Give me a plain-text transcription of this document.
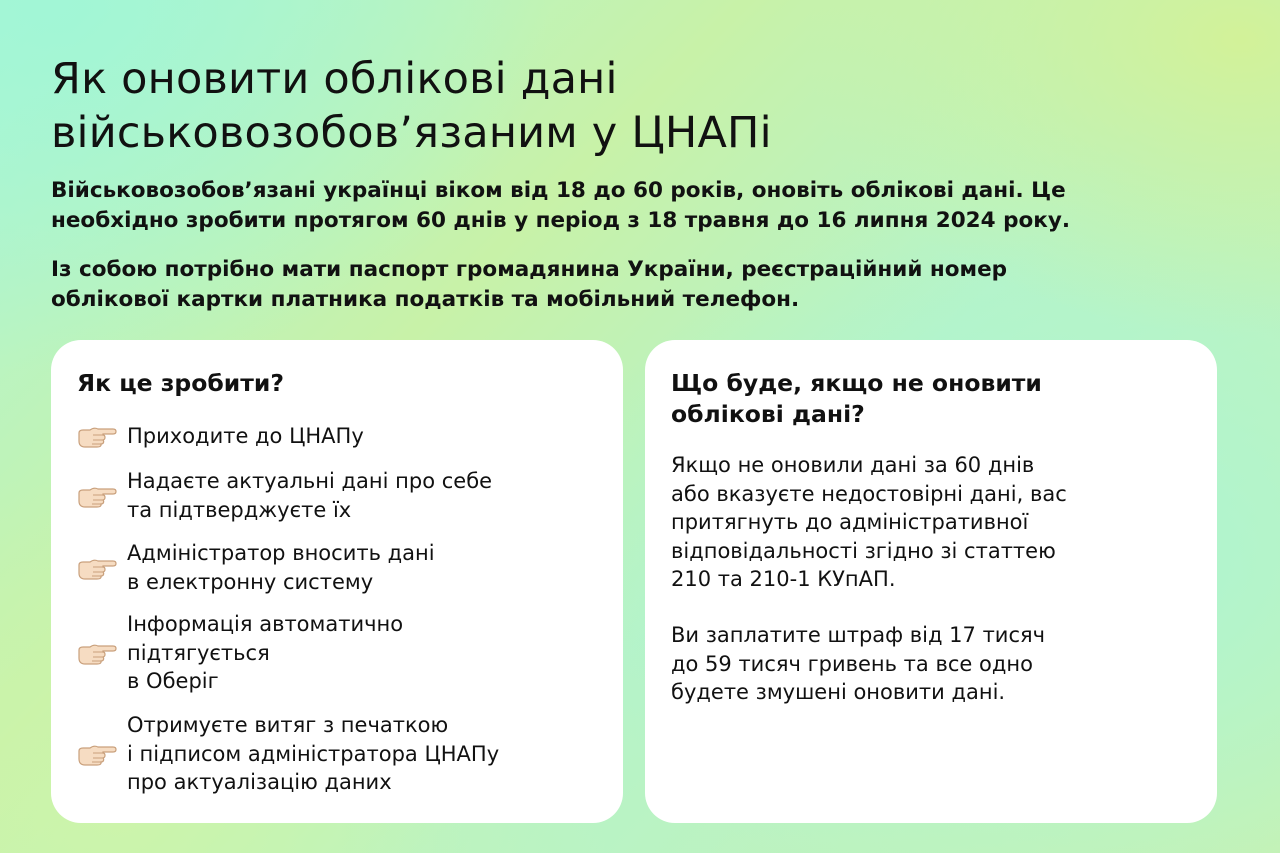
Як оновити облікові дані
військовозобов’язаним у ЦНАПі

Військовозобов’язані українці віком від 18 до 60 років, оновіть облікові дані. Це
необхідно зробити протягом 60 днів у період з 18 травня до 16 липня 2024 року.

Із собою потрібно мати паспорт громадянина України, реєстраційний номер
облікової картки платника податків та мобільний телефон.

Як це зробити?
Приходите до ЦНАПу
Надаєте актуальні дані про себе
та підтверджуєте їх
Адміністратор вносить дані
в електронну систему
Інформація автоматично
підтягується
в Оберіг
Отримуєте витяг з печаткою
і підписом адміністратора ЦНАПу
про актуалізацію даних
Що буде, якщо не оновити
облікові дані?

Якщо не оновили дані за 60 днів
або вказуєте недостовірні дані, вас
притягнуть до адміністративної
відповідальності згідно зі статтею
210 та 210-1 КУпАП.

Ви заплатите штраф від 17 тисяч
до 59 тисяч гривень та все одно
будете змушені оновити дані.
